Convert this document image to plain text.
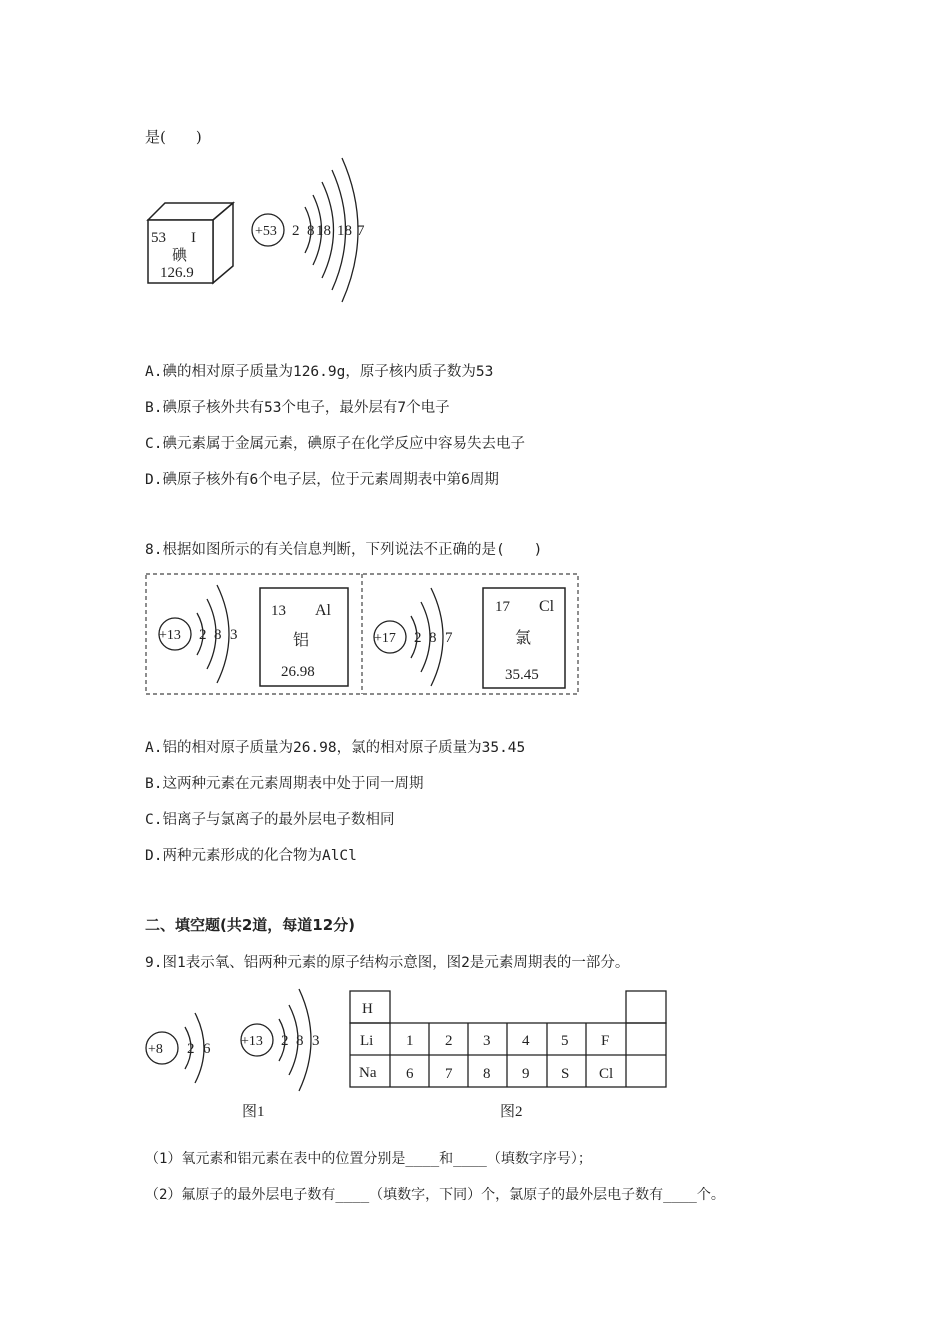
是(　　)
53 I
碘
126.9
+53 2 8 18 18 7
A.碘的相对原子质量为126.9g，原子核内质子数为53
B.碘原子核外共有53个电子，最外层有7个电子
C.碘元素属于金属元素，碘原子在化学反应中容易失去电子
D.碘原子核外有6个电子层，位于元素周期表中第6周期
8.根据如图所示的有关信息判断，下列说法不正确的是(　　)
+13 2 8 3
13 Al
铝
26.98
+17 2 8 7
17 Cl
氯
35.45
A.铝的相对原子质量为26.98，氯的相对原子质量为35.45
B.这两种元素在元素周期表中处于同一周期
C.铝离子与氯离子的最外层电子数相同
D.两种元素形成的化合物为AlCl
二、填空题(共2道，每道12分)
9.图1表示氧、铝两种元素的原子结构示意图，图2是元素周期表的一部分。
+8 2 6 +13 2 8 3
图1
H
Li 1 2 3 4 5 F
Na 6 7 8 9 S Cl
图2
（1）氧元素和铝元素在表中的位置分别是____和____（填数字序号）；
（2）氟原子的最外层电子数有____（填数字，下同）个，氯原子的最外层电子数有____个。
